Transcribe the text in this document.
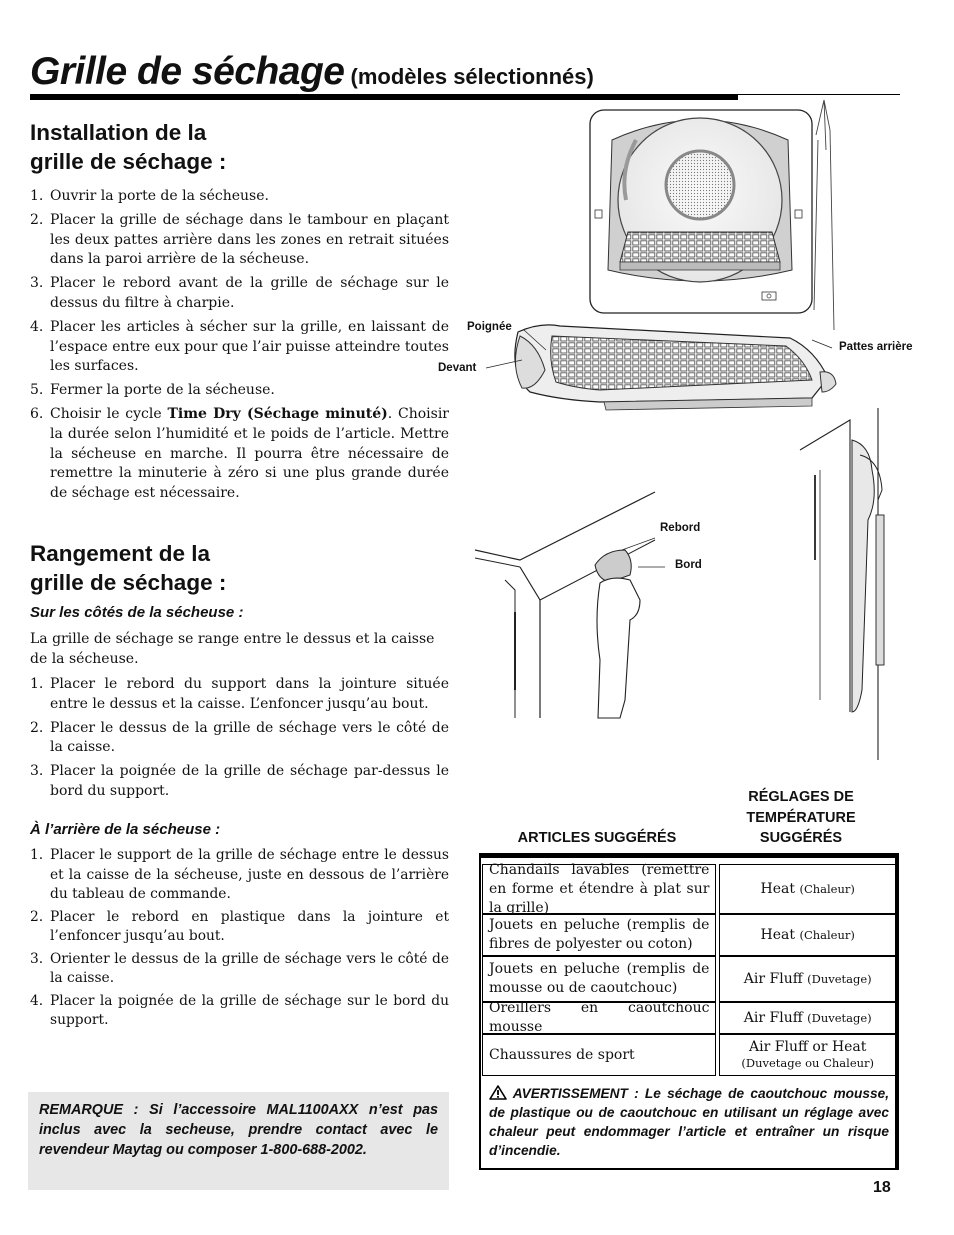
Grille de séchage (modèles sélectionnés)
Installation de la
grille de séchage :
1. Ouvrir la porte de la sécheuse.
2. Placer la grille de séchage dans le tambour en plaçant les deux pattes arrière dans les zones en retrait situées dans la paroi arrière de la sécheuse.
3. Placer le rebord avant de la grille de séchage sur le dessus du filtre à charpie.
4. Placer les articles à sécher sur la grille, en laissant de l’espace entre eux pour que l’air puisse atteindre toutes les surfaces.
5. Fermer la porte de la sécheuse.
6. Choisir le cycle Time Dry (Séchage minuté). Choisir la durée selon l’humidité et le poids de l’article. Mettre la sécheuse en marche. Il pourra être nécessaire de remettre la minuterie à zéro si une plus grande durée de séchage est nécessaire.
Rangement de la
grille de séchage :
Sur les côtés de la sécheuse :
La grille de séchage se range entre le dessus et la caisse de la sécheuse.
1. Placer le rebord du support dans la jointure située entre le dessus et la caisse. L’enfoncer jusqu’au bout.
2. Placer le dessus de la grille de séchage vers le côté de la caisse.
3. Placer la poignée de la grille de séchage par-dessus le bord du support.
À l’arrière de la sécheuse :
1. Placer le support de la grille de séchage entre le dessus et la caisse de la sécheuse, juste en dessous de l’arrière du tableau de commande.
2. Placer le rebord en plastique dans la jointure et l’enfoncer jusqu’au bout.
3. Orienter le dessus de la grille de séchage vers le côté de la caisse.
4. Placer la poignée de la grille de séchage sur le bord du support.
REMARQUE : Si l’accessoire MAL1100AXX n’est pas inclus avec la secheuse, prendre contact avec le revendeur Maytag ou composer 1-800-688-2002.
Poignée
Devant
Pattes arrière
Rebord
Bord
ARTICLES SUGGÉRÉS
RÉGLAGES DE
TEMPÉRATURE
SUGGÉRÉS
Chandails lavables (remettre en forme et étendre à plat sur la grille)
Heat (Chaleur)
Jouets en peluche (remplis de fibres de polyester ou coton)
Heat (Chaleur)
Jouets en peluche (remplis de mousse ou de caoutchouc)
Air Fluff (Duvetage)
Oreillers en caoutchouc mousse
Air Fluff (Duvetage)
Chaussures de sport	Air Fluff or Heat
(Duvetage ou Chaleur)
AVERTISSEMENT : Le séchage de caoutchouc mousse, de plastique ou de caoutchouc en utilisant un réglage avec chaleur peut endommager l’article et entraîner un risque d’incendie.
18
